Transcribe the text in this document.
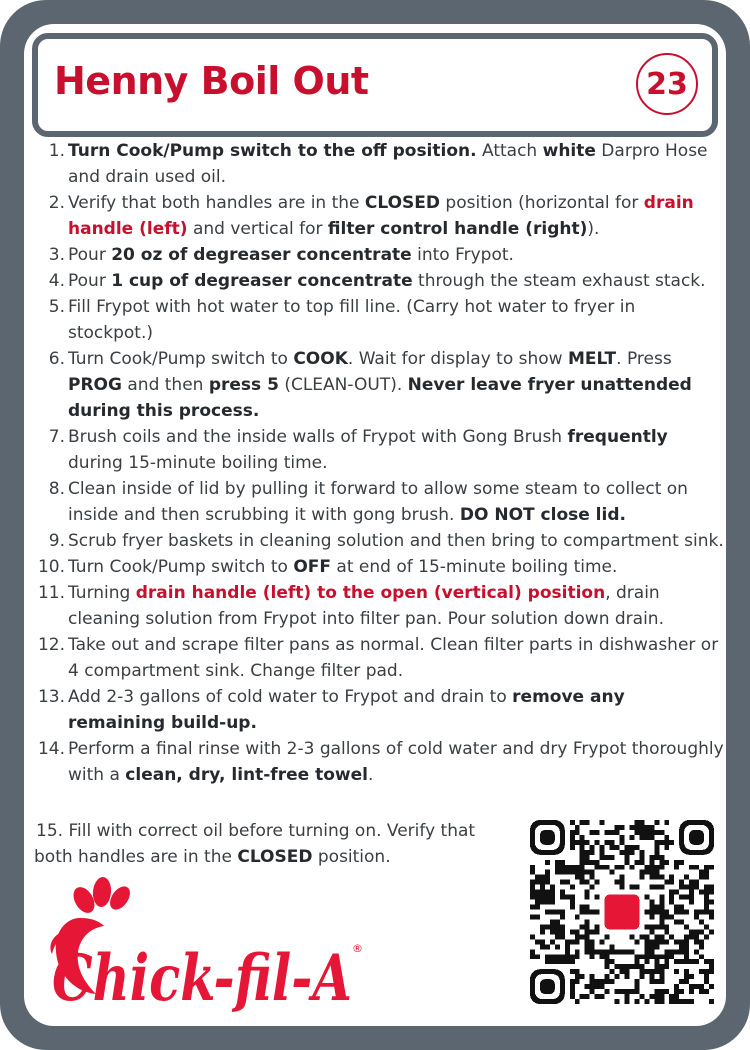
Henny Boil Out	23
1. Turn Cook/Pump switch to the off position. Attach white Darpro Hose and drain used oil.
2. Verify that both handles are in the CLOSED position (horizontal for drain handle (left) and vertical for filter control handle (right)).
3. Pour 20 oz of degreaser concentrate into Frypot.
4. Pour 1 cup of degreaser concentrate through the steam exhaust stack.
5. Fill Frypot with hot water to top fill line. (Carry hot water to fryer in stockpot.)
6. Turn Cook/Pump switch to COOK. Wait for display to show MELT. Press PROG and then press 5 (CLEAN-OUT). Never leave fryer unattended during this process.
7. Brush coils and the inside walls of Frypot with Gong Brush frequently during 15-minute boiling time.
8. Clean inside of lid by pulling it forward to allow some steam to collect on inside and then scrubbing it with gong brush. DO NOT close lid.
9. Scrub fryer baskets in cleaning solution and then bring to compartment sink.
10. Turn Cook/Pump switch to OFF at end of 15-minute boiling time.
11. Turning drain handle (left) to the open (vertical) position, drain cleaning solution from Frypot into filter pan. Pour solution down drain.
12. Take out and scrape filter pans as normal. Clean filter parts in dishwasher or 4 compartment sink. Change filter pad.
13. Add 2-3 gallons of cold water to Frypot and drain to remove any remaining build-up.
14. Perform a final rinse with 2-3 gallons of cold water and dry Frypot thoroughly with a clean, dry, lint-free towel.
15. Fill with correct oil before turning on. Verify that
both handles are in the CLOSED position.
Chick-fil-A ®
